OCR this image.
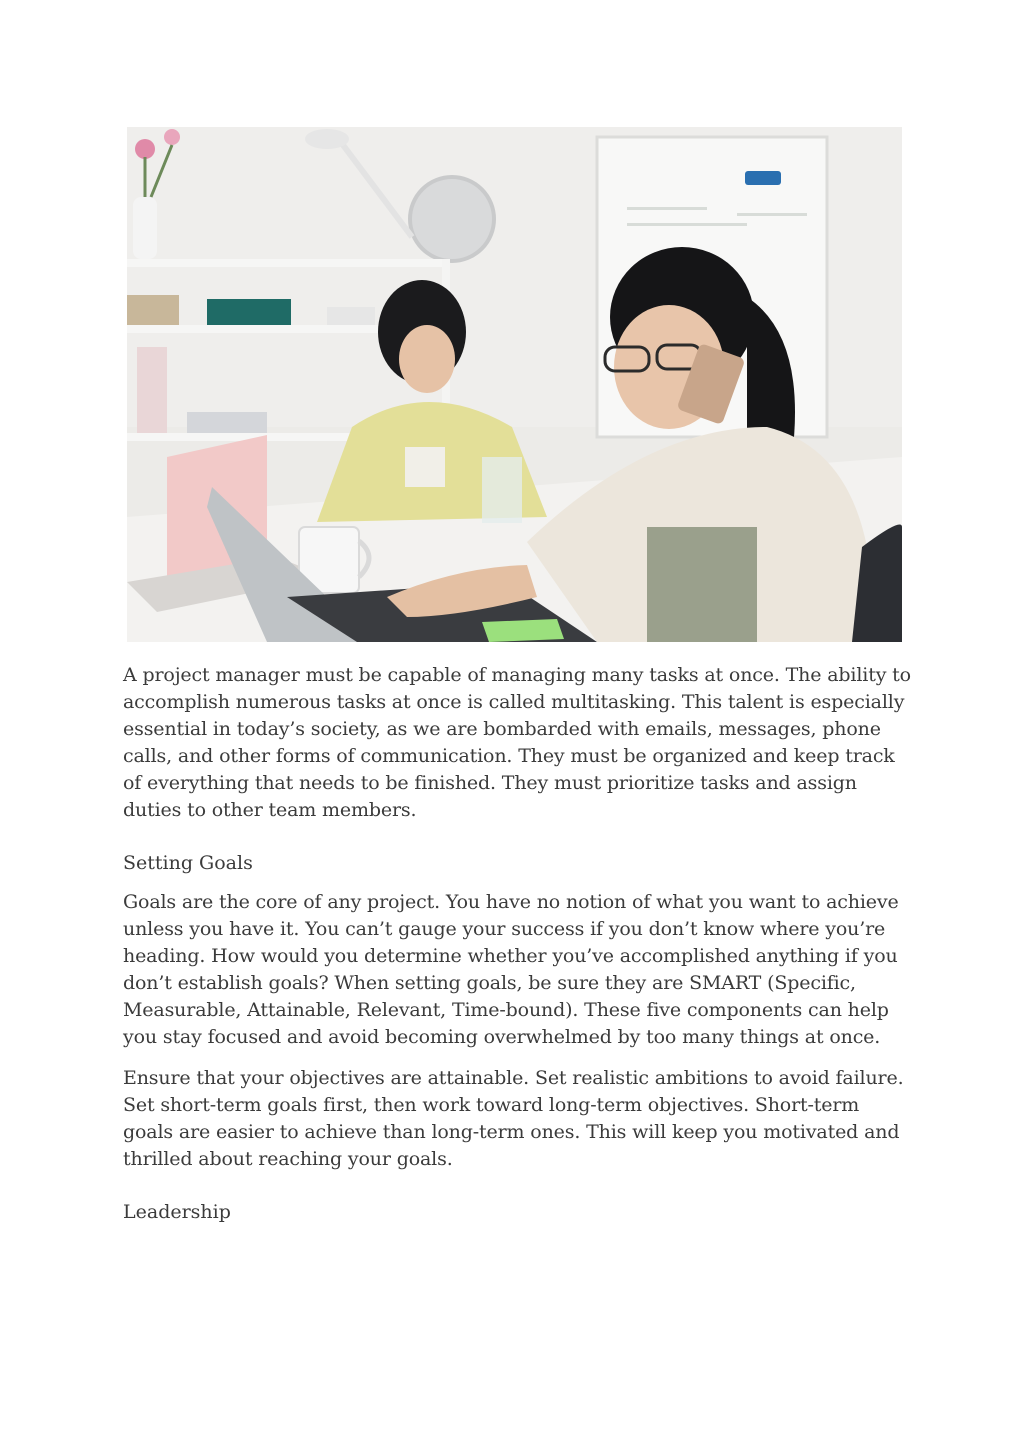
A project manager must be capable of managing many tasks at once. The ability to accomplish numerous tasks at once is called multitasking. This talent is especially essential in today’s society, as we are bombarded with emails, messages, phone calls, and other forms of communication. They must be organized and keep track of everything that needs to be finished. They must prioritize tasks and assign duties to other team members.

Setting Goals

Goals are the core of any project. You have no notion of what you want to achieve unless you have it. You can’t gauge your success if you don’t know where you’re heading. How would you determine whether you’ve accomplished anything if you don’t establish goals? When setting goals, be sure they are SMART (Specific, Measurable, Attainable, Relevant, Time-bound). These five components can help you stay focused and avoid becoming overwhelmed by too many things at once.

Ensure that your objectives are attainable. Set realistic ambitions to avoid failure. Set short-term goals first, then work toward long-term objectives. Short-term goals are easier to achieve than long-term ones. This will keep you motivated and thrilled about reaching your goals.

Leadership
